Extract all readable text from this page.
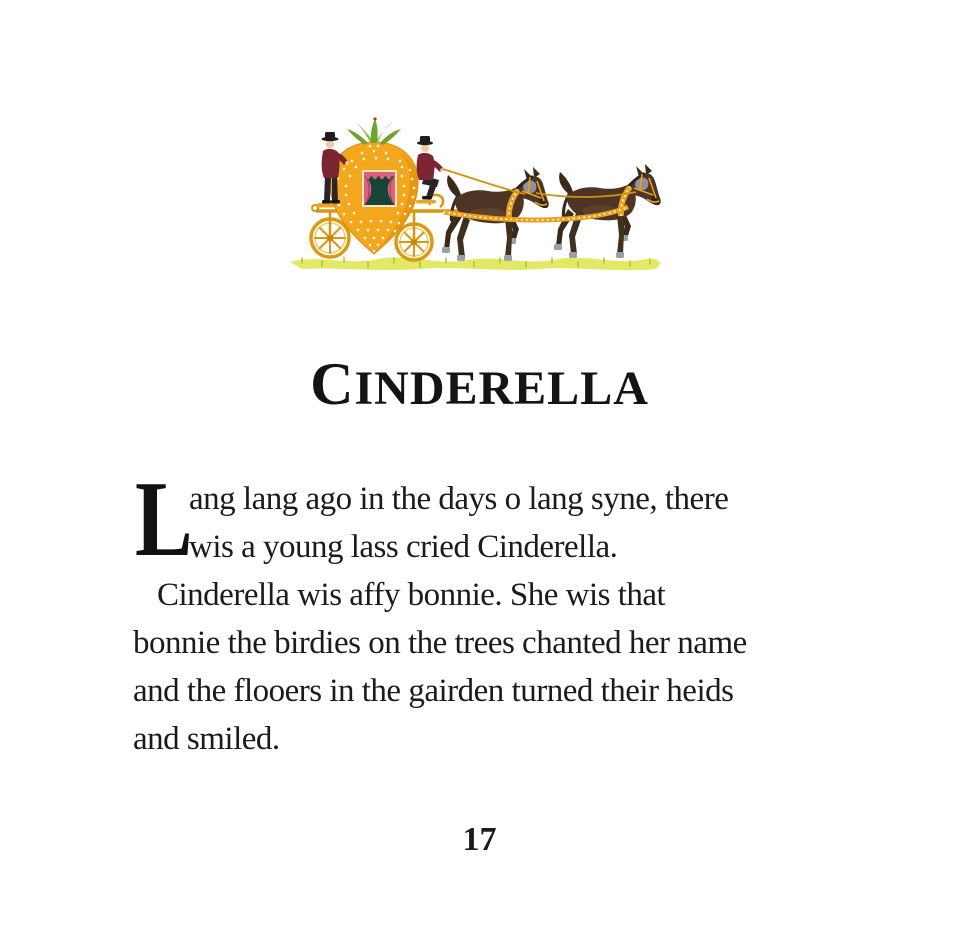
CINDERELLA
L
ang lang ago in the days o lang syne, there
wis a young lass cried Cinderella.
Cinderella wis affy bonnie. She wis that
bonnie the birdies on the trees chanted her name
and the flooers in the gairden turned their heids
and smiled.
17
